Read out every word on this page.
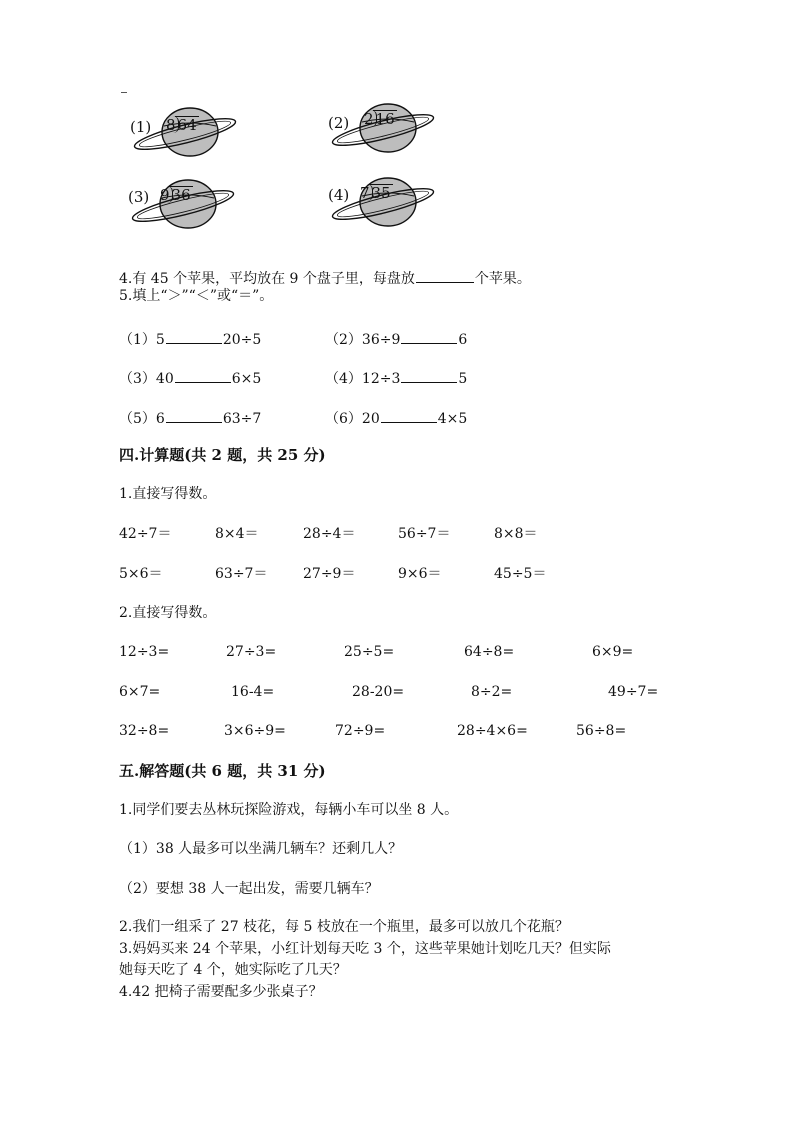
(1) 8 64	(2) 2 16
(3) 9 36	(4) 7 35
4.有 45 个苹果，平均放在 9 个盘子里，每盘放	个苹果。
5.填上“＞”“＜”或“＝”。
（1）5	20÷5	（2）36÷9	6
（3）40	6×5	（4）12÷3	5
（5）6	63÷7	（6）20	4×5
四.计算题(共 2 题，共 25 分)
1.直接写得数。
42÷7＝	8×4＝	28÷4＝	56÷7＝	8×8＝
5×6＝	63÷7＝	27÷9＝	9×6＝	45÷5＝
2.直接写得数。
12÷3=	27÷3=	25÷5=	64÷8=	6×9=
6×7=	16-4=	28-20=	8÷2=	49÷7=
32÷8=	3×6÷9=	72÷9=	28÷4×6=	56÷8=
五.解答题(共 6 题，共 31 分)
1.同学们要去丛林玩探险游戏，每辆小车可以坐 8 人。
（1）38 人最多可以坐满几辆车？还剩几人？
（2）要想 38 人一起出发，需要几辆车？
2.我们一组采了 27 枝花，每 5 枝放在一个瓶里，最多可以放几个花瓶？
3.妈妈买来 24 个苹果，小红计划每天吃 3 个，这些苹果她计划吃几天？但实际
她每天吃了 4 个，她实际吃了几天？
4.42 把椅子需要配多少张桌子？
